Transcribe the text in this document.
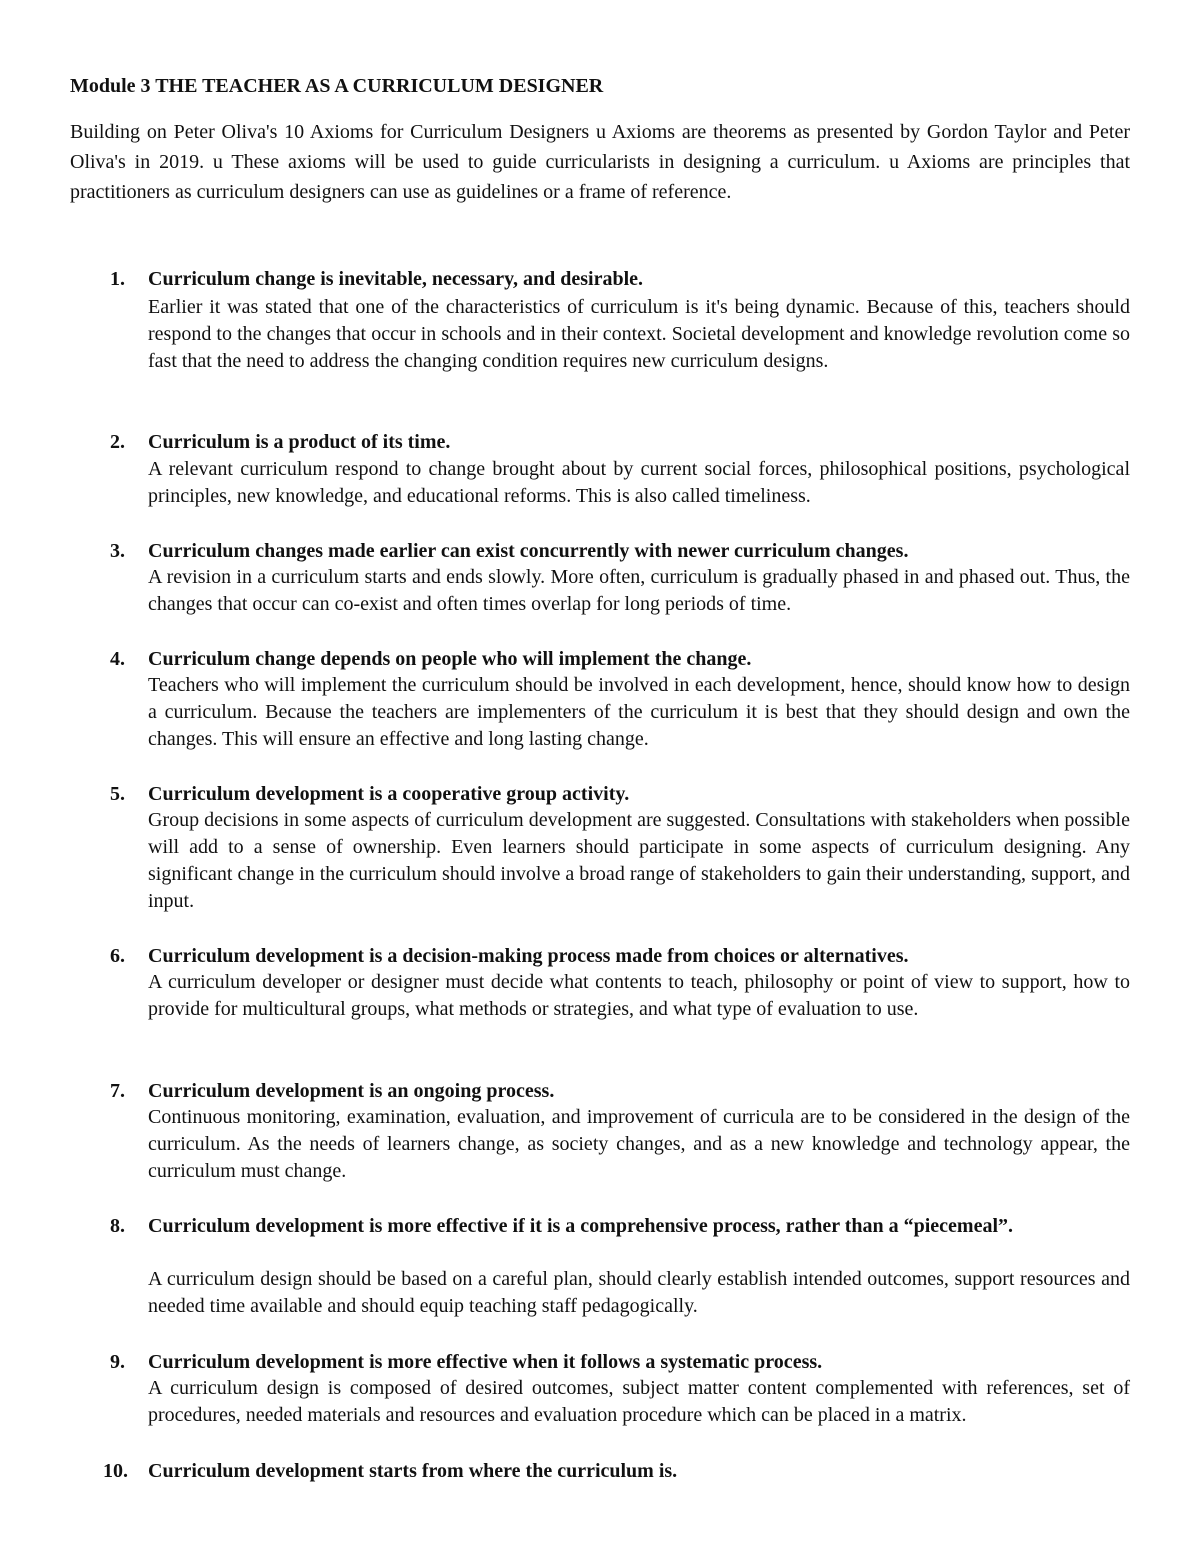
Module 3 THE TEACHER AS A CURRICULUM DESIGNER

Building on Peter Oliva's 10 Axioms for Curriculum Designers u Axioms are theorems as presented by Gordon Taylor and Peter Oliva's in 2019. u These axioms will be used to guide curricularists in designing a curriculum. u Axioms are principles that practitioners as curriculum designers can use as guidelines or a frame of reference.

1.	Curriculum change is inevitable, necessary, and desirable.

Earlier it was stated that one of the characteristics of curriculum is it's being dynamic. Because of this, teachers should respond to the changes that occur in schools and in their context. Societal development and knowledge revolution come so fast that the need to address the changing condition requires new curriculum designs.

2.	Curriculum is a product of its time.

A relevant curriculum respond to change brought about by current social forces, philosophical positions, psychological principles, new knowledge, and educational reforms. This is also called timeliness.

3.	Curriculum changes made earlier can exist concurrently with newer curriculum changes.

A revision in a curriculum starts and ends slowly. More often, curriculum is gradually phased in and phased out. Thus, the changes that occur can co-exist and often times overlap for long periods of time.

4.	Curriculum change depends on people who will implement the change.

Teachers who will implement the curriculum should be involved in each development, hence, should know how to design a curriculum. Because the teachers are implementers of the curriculum it is best that they should design and own the changes. This will ensure an effective and long lasting change.

5.	Curriculum development is a cooperative group activity.

Group decisions in some aspects of curriculum development are suggested. Consultations with stakeholders when possible will add to a sense of ownership. Even learners should participate in some aspects of curriculum designing. Any significant change in the curriculum should involve a broad range of stakeholders to gain their understanding, support, and input.

6.	Curriculum development is a decision-making process made from choices or alternatives.

A curriculum developer or designer must decide what contents to teach, philosophy or point of view to support, how to provide for multicultural groups, what methods or strategies, and what type of evaluation to use.

7.	Curriculum development is an ongoing process.

Continuous monitoring, examination, evaluation, and improvement of curricula are to be considered in the design of the curriculum. As the needs of learners change, as society changes, and as a new knowledge and technology appear, the curriculum must change.

8.	Curriculum development is more effective if it is a comprehensive process, rather than a “piecemeal”.

A curriculum design should be based on a careful plan, should clearly establish intended outcomes, support resources and needed time available and should equip teaching staff pedagogically.

9.	Curriculum development is more effective when it follows a systematic process.

A curriculum design is composed of desired outcomes, subject matter content complemented with references, set of procedures, needed materials and resources and evaluation procedure which can be placed in a matrix.

10.	Curriculum development starts from where the curriculum is.
